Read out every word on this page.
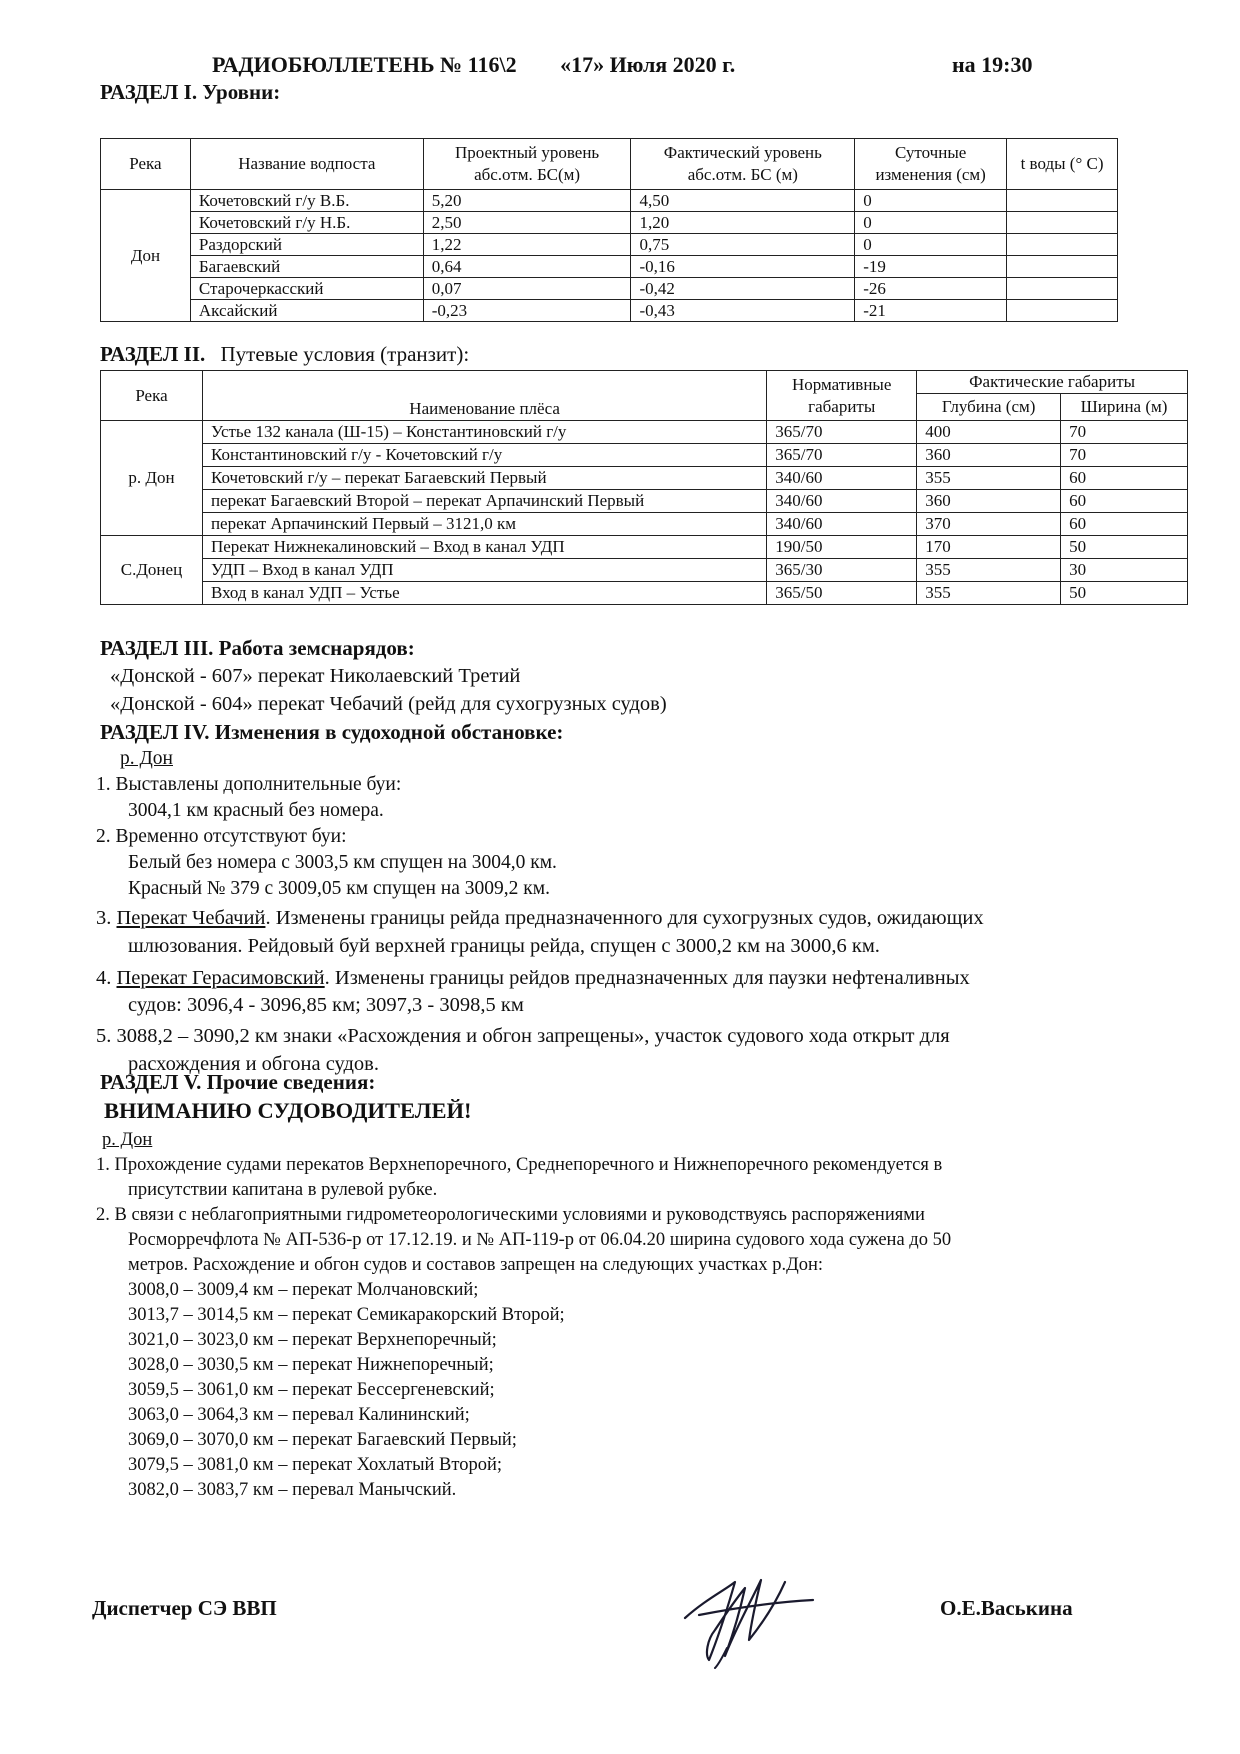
РАДИОБЮЛЛЕТЕНЬ № 116\2 «17» Июля 2020 г.	на 19:30
РАЗДЕЛ I. Уровни:
Река	Название водпоста	Проектный уровень абс.отм. БС(м)	Фактический уровень абс.отм. БС (м)	Суточные изменения (см)	t воды (° С)
Дон	Кочетовский г/у В.Б.	5,20	4,50	0	
	Кочетовский г/у Н.Б.	2,50	1,20	0	
	Раздорский	1,22	0,75	0	
	Багаевский	0,64	-0,16	-19	
	Старочеркасский	0,07	-0,42	-26	
	Аксайский	-0,23	-0,43	-21	
РАЗДЕЛ II. Путевые условия (транзит):
Река	Наименование плёса	Нормативные габариты	Фактические габариты	
			Глубина (см)	Ширина (м)
р. Дон	Устье 132 канала (Ш-15) – Константиновский г/у	365/70	400	70
	Константиновский г/у - Кочетовский г/у	365/70	360	70
	Кочетовский г/у – перекат Багаевский Первый	340/60	355	60
	перекат Багаевский Второй – перекат Арпачинский Первый	340/60	360	60
	перекат Арпачинский Первый – 3121,0 км	340/60	370	60
С.Донец	Перекат Нижнекалиновский – Вход в канал УДП	190/50	170	50
	УДП – Вход в канал УДП	365/30	355	30
	Вход в канал УДП – Устье	365/50	355	50
РАЗДЕЛ III. Работа земснарядов:
«Донской - 607» перекат Николаевский Третий
«Донской - 604» перекат Чебачий (рейд для сухогрузных судов)
РАЗДЕЛ IV. Изменения в судоходной обстановке:
р. Дон
1. Выставлены дополнительные буи:
3004,1 км красный без номера.
2. Временно отсутствуют буи:
Белый без номера с 3003,5 км спущен на 3004,0 км.
Красный № 379 с 3009,05 км спущен на 3009,2 км.
3. Перекат Чебачий. Изменены границы рейда предназначенного для сухогрузных судов, ожидающих
шлюзования. Рейдовый буй верхней границы рейда, спущен с 3000,2 км на 3000,6 км.
4. Перекат Герасимовский. Изменены границы рейдов предназначенных для паузки нефтеналивных
судов: 3096,4 - 3096,85 км; 3097,3 - 3098,5 км
5. 3088,2 – 3090,2 км знаки «Расхождения и обгон запрещены», участок судового хода открыт для
расхождения и обгона судов.
РАЗДЕЛ V. Прочие сведения:
ВНИМАНИЮ СУДОВОДИТЕЛЕЙ!
р. Дон
1. Прохождение судами перекатов Верхнепоречного, Среднепоречного и Нижнепоречного рекомендуется в
присутствии капитана в рулевой рубке.
2. В связи с неблагоприятными гидрометеорологическими условиями и руководствуясь распоряжениями
Росморречфлота № АП-536-р от 17.12.19. и № АП-119-р от 06.04.20 ширина судового хода сужена до 50
метров. Расхождение и обгон судов и составов запрещен на следующих участках р.Дон:
3008,0 – 3009,4 км – перекат Молчановский;
3013,7 – 3014,5 км – перекат Семикаракорский Второй;
3021,0 – 3023,0 км – перекат Верхнепоречный;
3028,0 – 3030,5 км – перекат Нижнепоречный;
3059,5 – 3061,0 км – перекат Бессергеневский;
3063,0 – 3064,3 км – перевал Калининский;
3069,0 – 3070,0 км – перекат Багаевский Первый;
3079,5 – 3081,0 км – перекат Хохлатый Второй;
3082,0 – 3083,7 км – перевал Манычский.
Диспетчер СЭ ВВП	О.Е.Васькина
